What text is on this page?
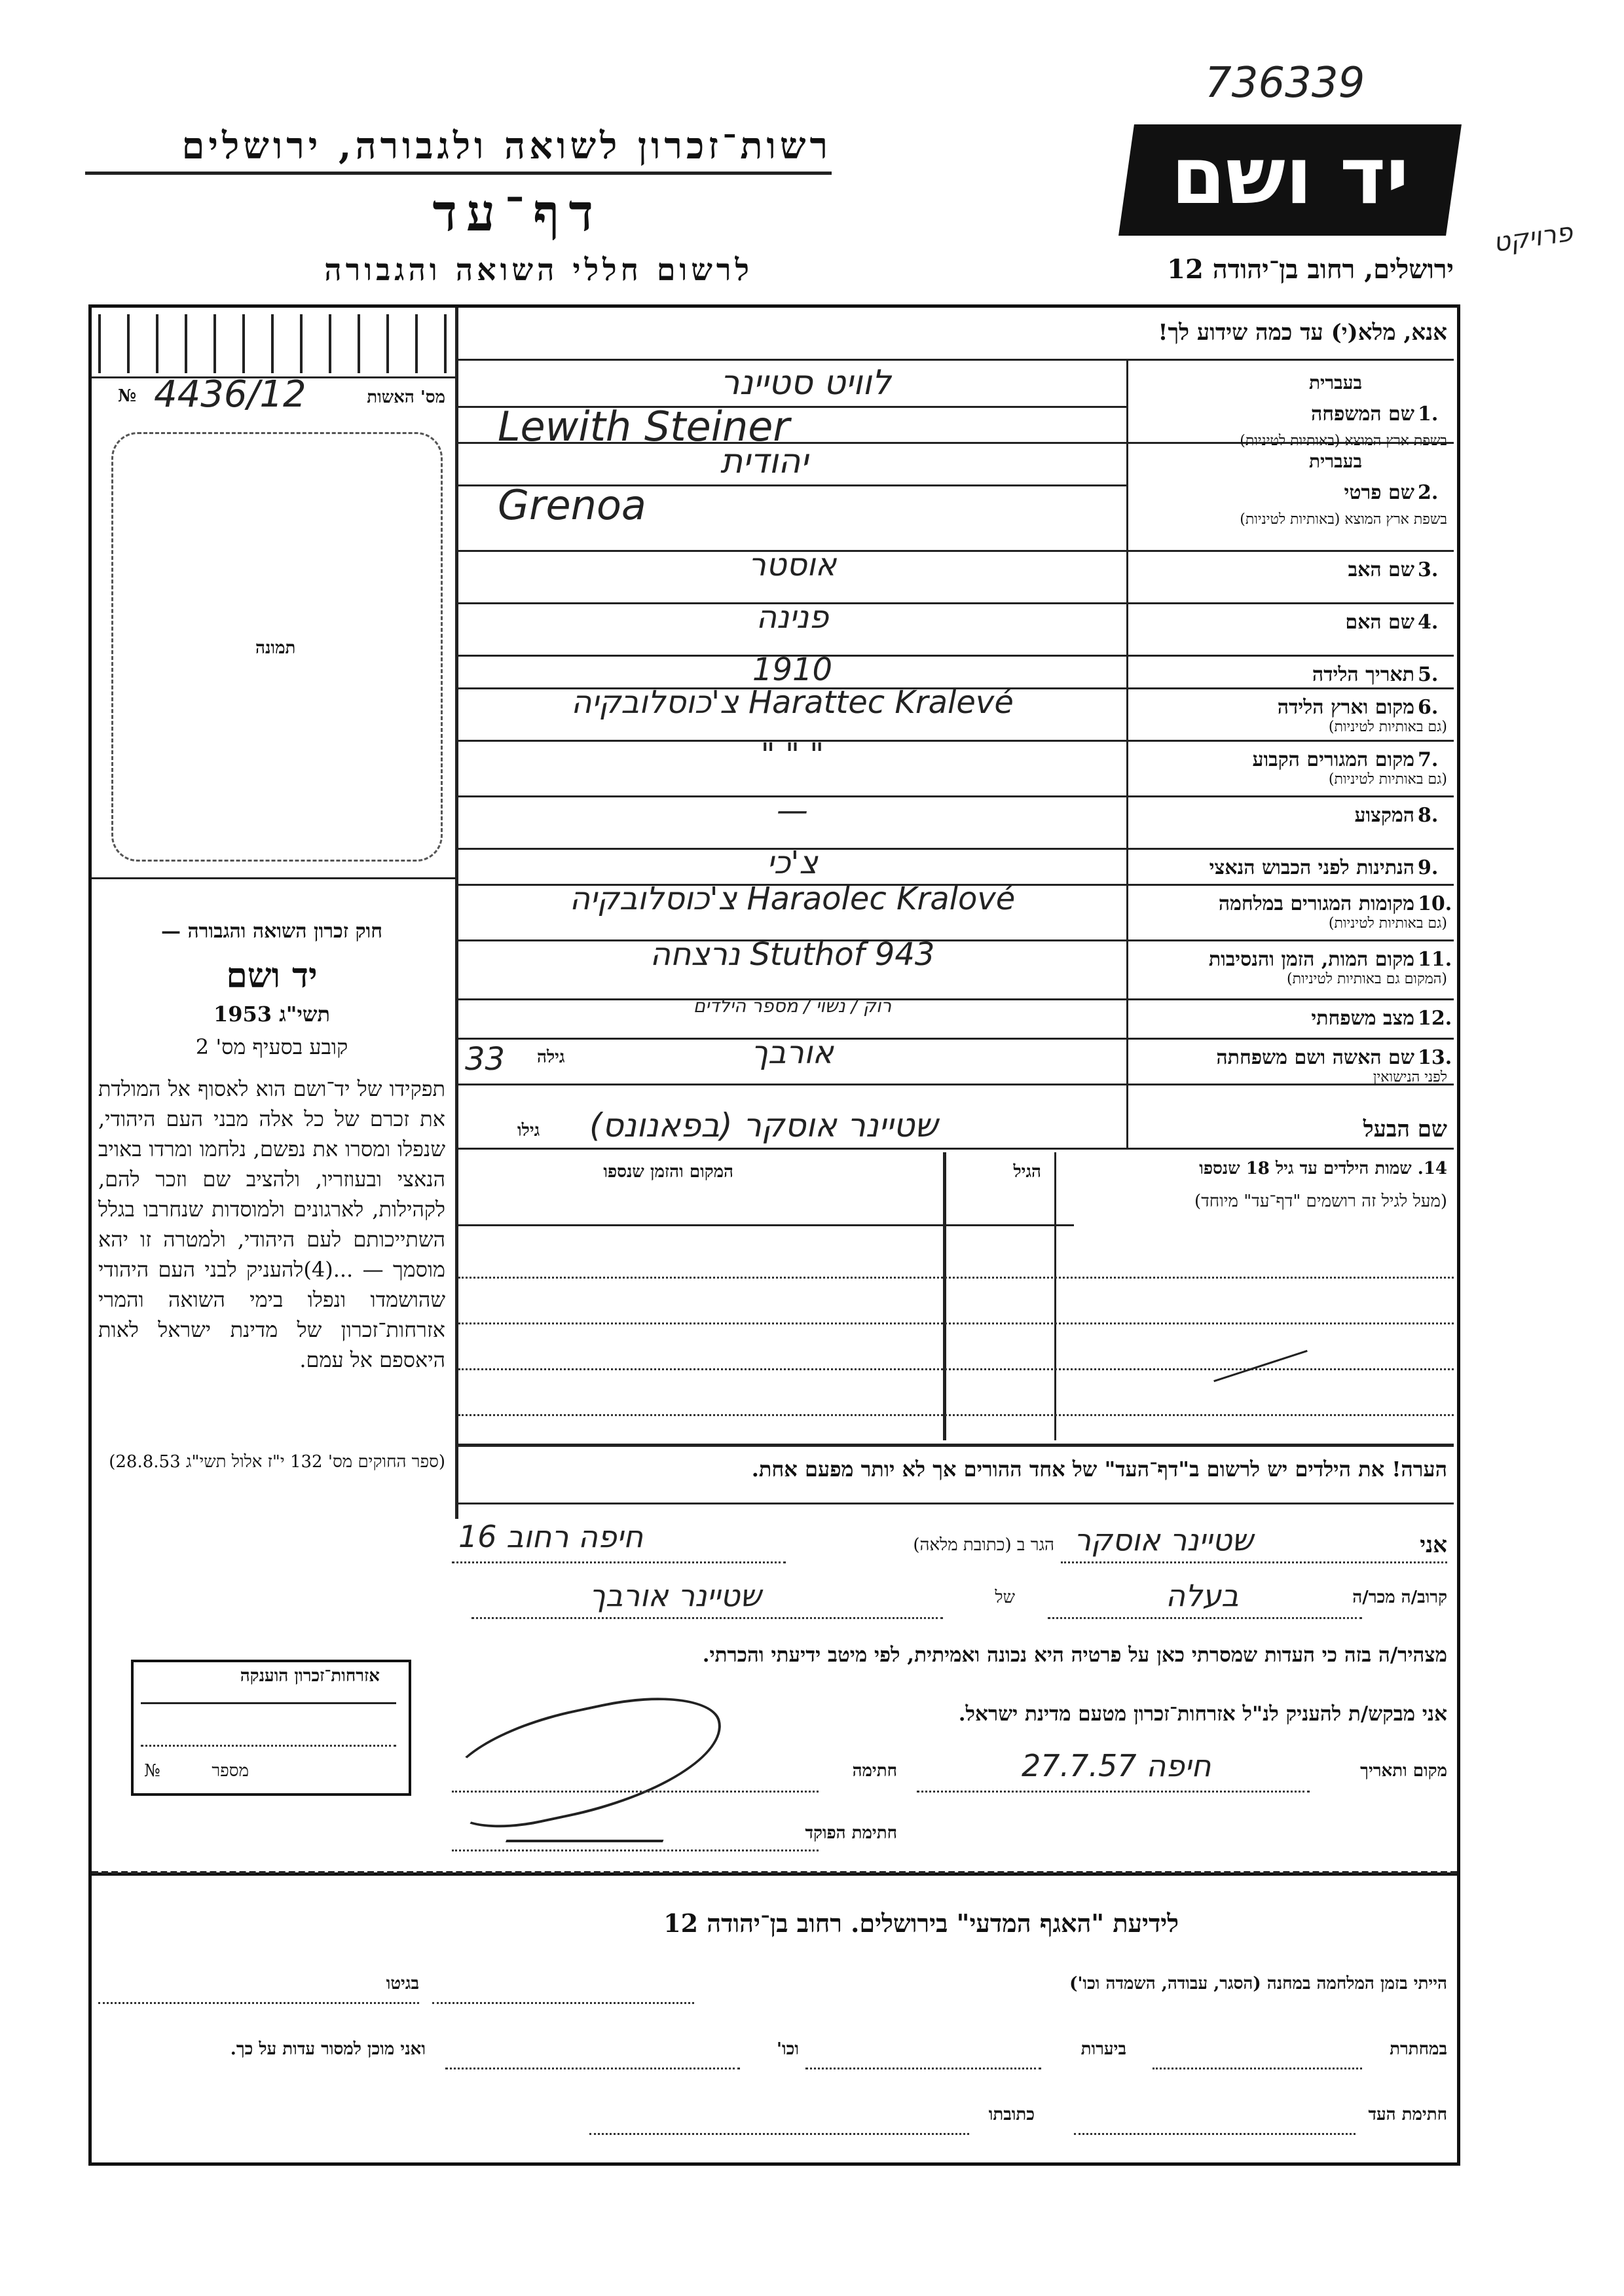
736339
פרויקט
רשות־זכרון לשואה ולגבורה, ירושלים
דף־עד
לרשום חללי השואה והגבורה
יד ושם
ירושלים, רחוב בן־יהודה 12
אנא, מלא(י) עד כמה שידוע לך!
№ 4436/12	מס' האשות
תמונה
חוק זכרון השואה והגבורה —
יד ושם
תשי"ג 1953
קובע בסעיף מס' 2
תפקידו של יד־ושם הוא לאסוף אל המולדת את זכרם של כל אלה מבני העם היהודי, שנפלו ומסרו את נפשם, נלחמו ומרדו באויב הנאצי ובעוזריו, ולהציב שם וזכר להם, לקהילות, לארגונים ולמוסדות שנחרבו בגלל השתייכותם לעם היהודי, ולמטרה זו יהא מוסמך — ...(4)להעניק לבני העם היהודי שהושמדו ונפלו בימי השואה והמרי אזרחות־זכרון של מדינת ישראל לאות היאספם אל עמם.
(ספר החוקים מס' 132 י"ז אלול תשי"ג 28.8.53)
שם המשפחה 1.
בשפת ארץ המוצא (באותיות לטיניות)
בעברית
לוויט סטיינר
Lewith Steiner
שם פרטי 2.
בשפת ארץ המוצא (באותיות לטיניות)
בעברית
יהודית
Grenoa
שם האב 3.
אוסטר
שם האם 4.
פנינה
תאריך הלידה 5.
1910
מקום וארץ הלידה 6.
(גם באותיות לטיניות)
Harattec Kralevé צ'כוסלובקיה
מקום המגורים הקבוע 7.
(גם באותיות לטיניות)
" " "
המקצוע 8.
—
הנתינות לפני הכבוש הנאצי 9.
צ'כי
מקומות המגורים במלחמה 10.
(גם באותיות לטיניות)
Haraolec Kralové צ'כוסלובקיה
מקום המות, הזמן והנסיבות 11.
(המקום גם באותיות לטיניות)
Stuthof 943 נרצחה
מצב משפחתי 12.
רוק / נשוי / מספר הילדים
שם האשה ושם משפחתה 13.
לפני הנישואין
אורבך
גילה
33
שם הבעל
שטיינר אוסקר (בפאנונס)
גילו
14. שמות הילדים עד גיל 18 שנספו
(מעל לגיל זה רושמים "דף־עד" מיוחד)
הגיל
המקום והזמן שנספו
הערה! את הילדים יש לרשום ב"דף־העד" של אחד ההורים אך לא יותר מפעם אחת.
אני
שטיינר אוסקר
הגר ב (כתובת מלאה)
חיפה רחוב 16
קרוב/ה מכר/ה
בעלה
של
שטיינר אורבך
מצהיר/ה בזה כי העדות שמסרתי כאן על פרטיה היא נכונה ואמיתית, לפי מיטב ידיעתי והכרתי.
אני מבקש/ת להעניק לנ"ל אזרחות־זכרון מטעם מדינת ישראל.
מקום ותאריך
חיפה 27.7.57
חתימה
חתימת הפוקד
אזרחות־זכרון הוענקה
№	מספר
לידיעת "האגף המדעי" בירושלים. רחוב בן־יהודה 12
הייתי בזמן המלחמה במחנה (הסגר, עבודה, השמדה וכו')
בגיטו
במחתרת
ביערות
וכו'
ואני מוכן למסור עדות על כך.
חתימת העד
כתובתו
